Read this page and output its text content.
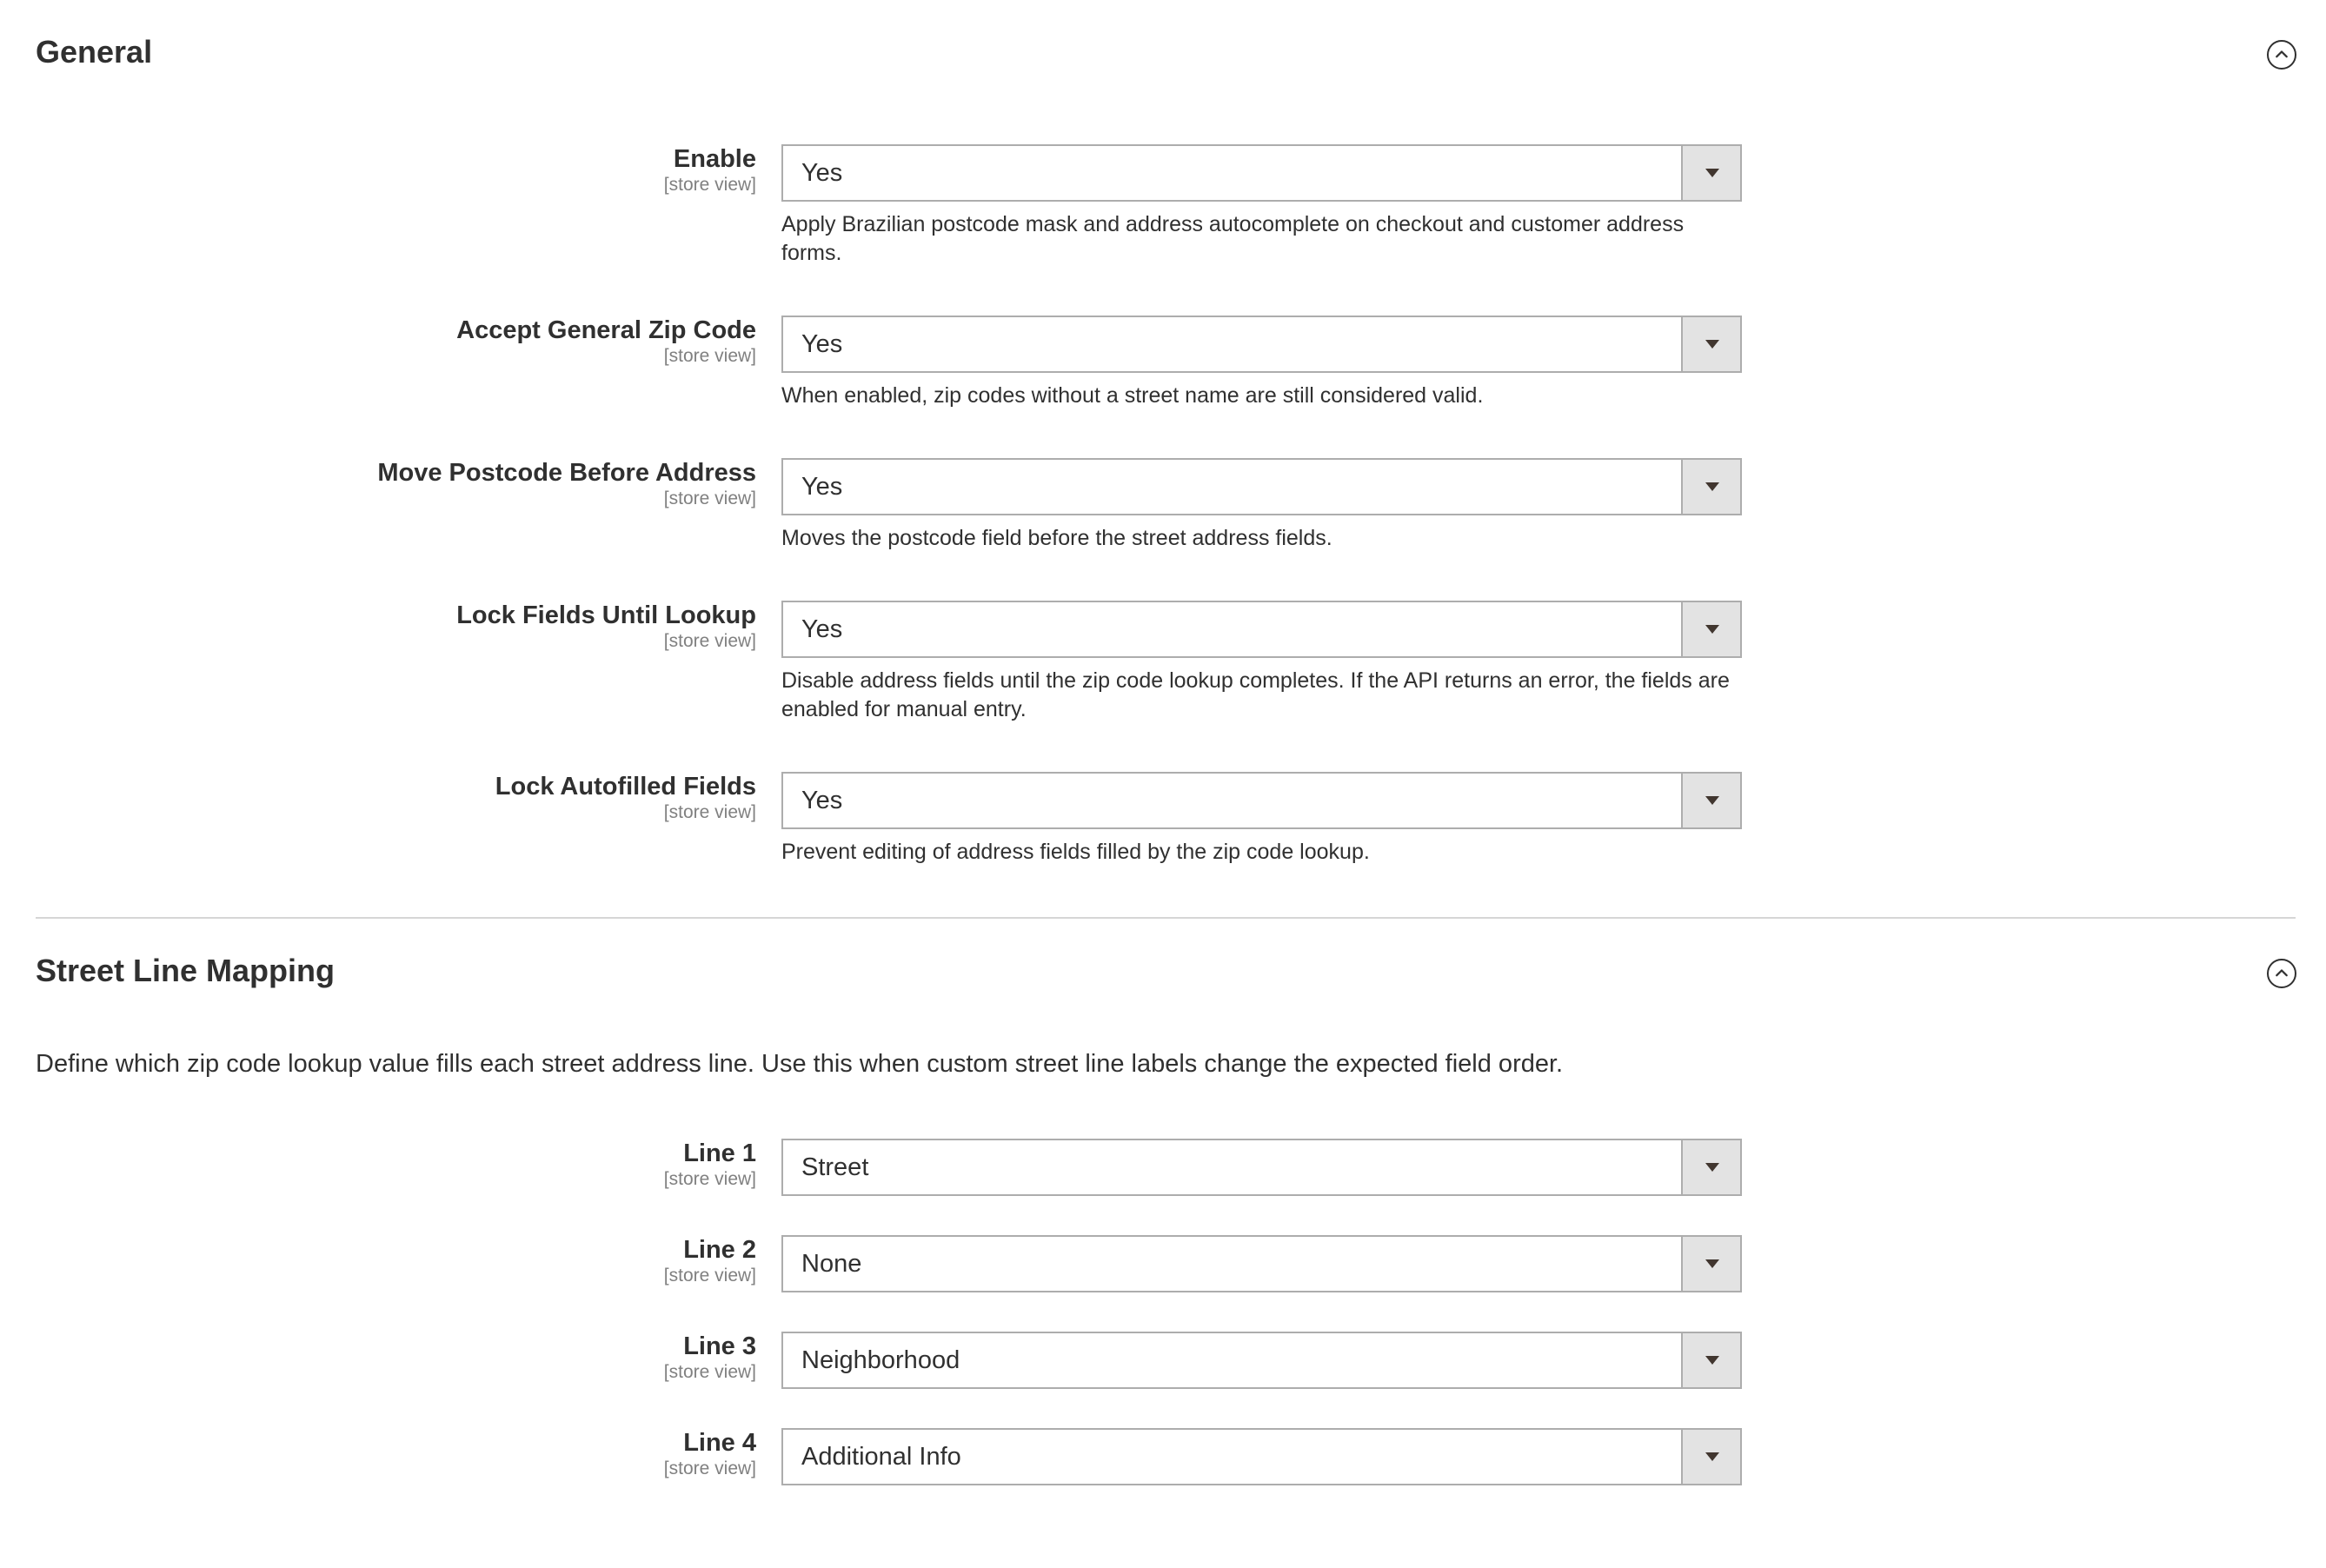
General
Enable
[store view] Yes
Apply Brazilian postcode mask and address autocomplete on checkout and customer address forms.
Accept General Zip Code
[store view] Yes
When enabled, zip codes without a street name are still considered valid.
Move Postcode Before Address
[store view] Yes
Moves the postcode field before the street address fields.
Lock Fields Until Lookup
[store view] Yes
Disable address fields until the zip code lookup completes. If the API returns an error, the fields are enabled for manual entry.
Lock Autofilled Fields
[store view] Yes
Prevent editing of address fields filled by the zip code lookup.
Street Line Mapping

Define which zip code lookup value fills each street address line. Use this when custom street line labels change the expected field order.

Line 1
[store view] Street
Line 2
[store view] None
Line 3
[store view] Neighborhood
Line 4
[store view] Additional Info
